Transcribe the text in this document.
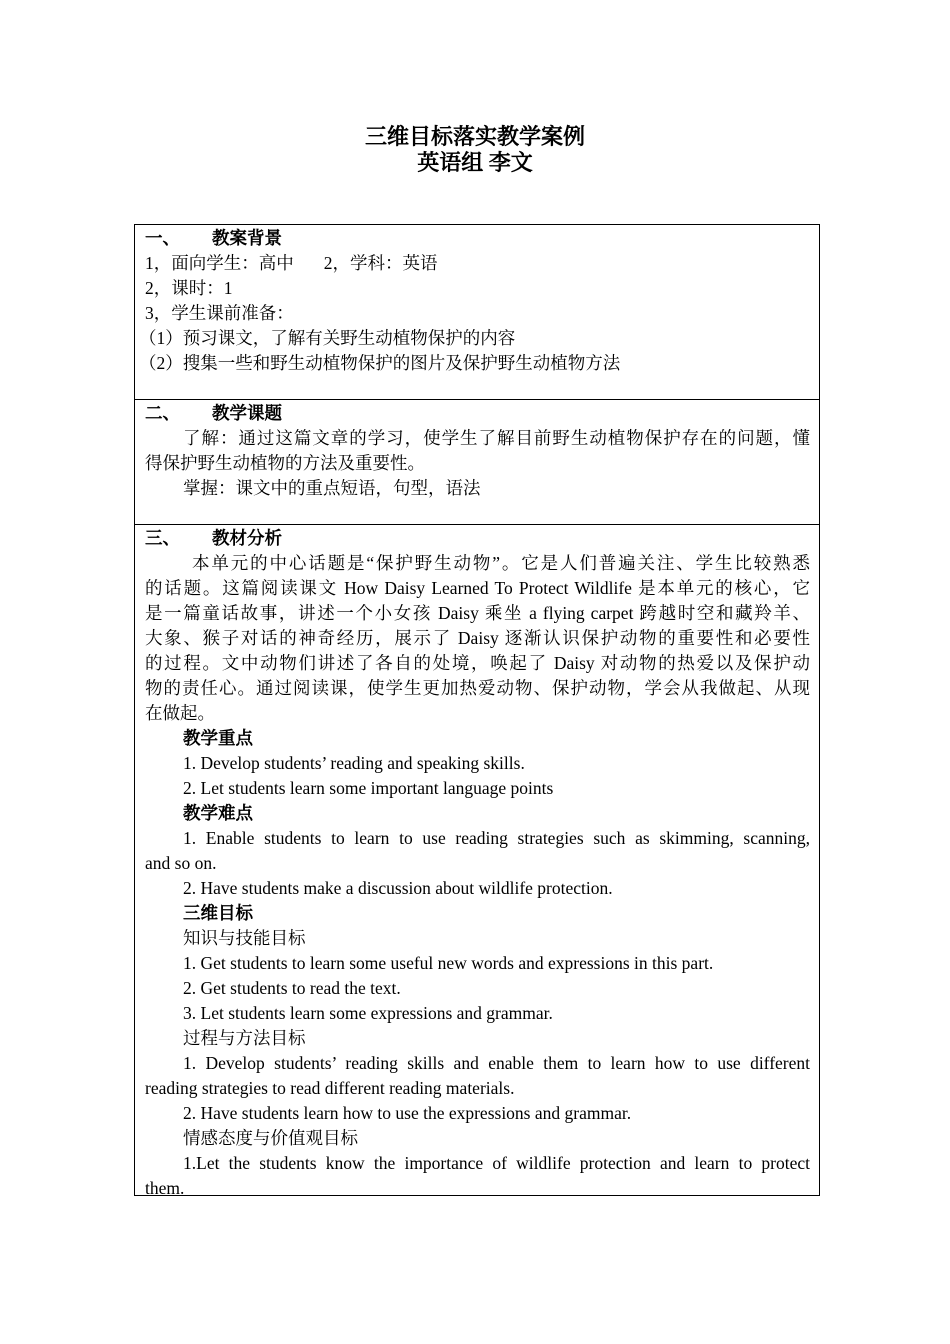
三维目标落实教学案例
英语组 李文
一、 教案背景
1，面向学生：高中 2，学科：英语
2，课时：1
3，学生课前准备：
（1）预习课文，了解有关野生动植物保护的内容
（2）搜集一些和野生动植物保护的图片及保护野生动植物方法
二、 教学课题
了解：通过这篇文章的学习，使学生了解目前野生动植物保护存在的问题，懂
得保护野生动植物的方法及重要性。
掌握：课文中的重点短语，句型，语法
三、 教材分析
本单元的中心话题是“保护野生动物”。它是人们普遍关注、学生比较熟悉
的话题。这篇阅读课文 How Daisy Learned To Protect Wildlife 是本单元的核心，它
是一篇童话故事，讲述一个小女孩 Daisy 乘坐 a flying carpet 跨越时空和藏羚羊、
大象、猴子对话的神奇经历，展示了 Daisy 逐渐认识保护动物的重要性和必要性
的过程。文中动物们讲述了各自的处境，唤起了 Daisy 对动物的热爱以及保护动
物的责任心。通过阅读课，使学生更加热爱动物、保护动物，学会从我做起、从现
在做起。
教学重点
1. Develop students’ reading and speaking skills.
2. Let students learn some important language points
教学难点
1. Enable students to learn to use reading strategies such as skimming, scanning,
and so on.
2. Have students make a discussion about wildlife protection.
三维目标
知识与技能目标
1. Get students to learn some useful new words and expressions in this part.
2. Get students to read the text.
3. Let students learn some expressions and grammar.
过程与方法目标
1. Develop students’ reading skills and enable them to learn how to use different
reading strategies to read different reading materials.
2. Have students learn how to use the expressions and grammar.
情感态度与价值观目标
1.Let the students know the importance of wildlife protection and learn to protect
them.
